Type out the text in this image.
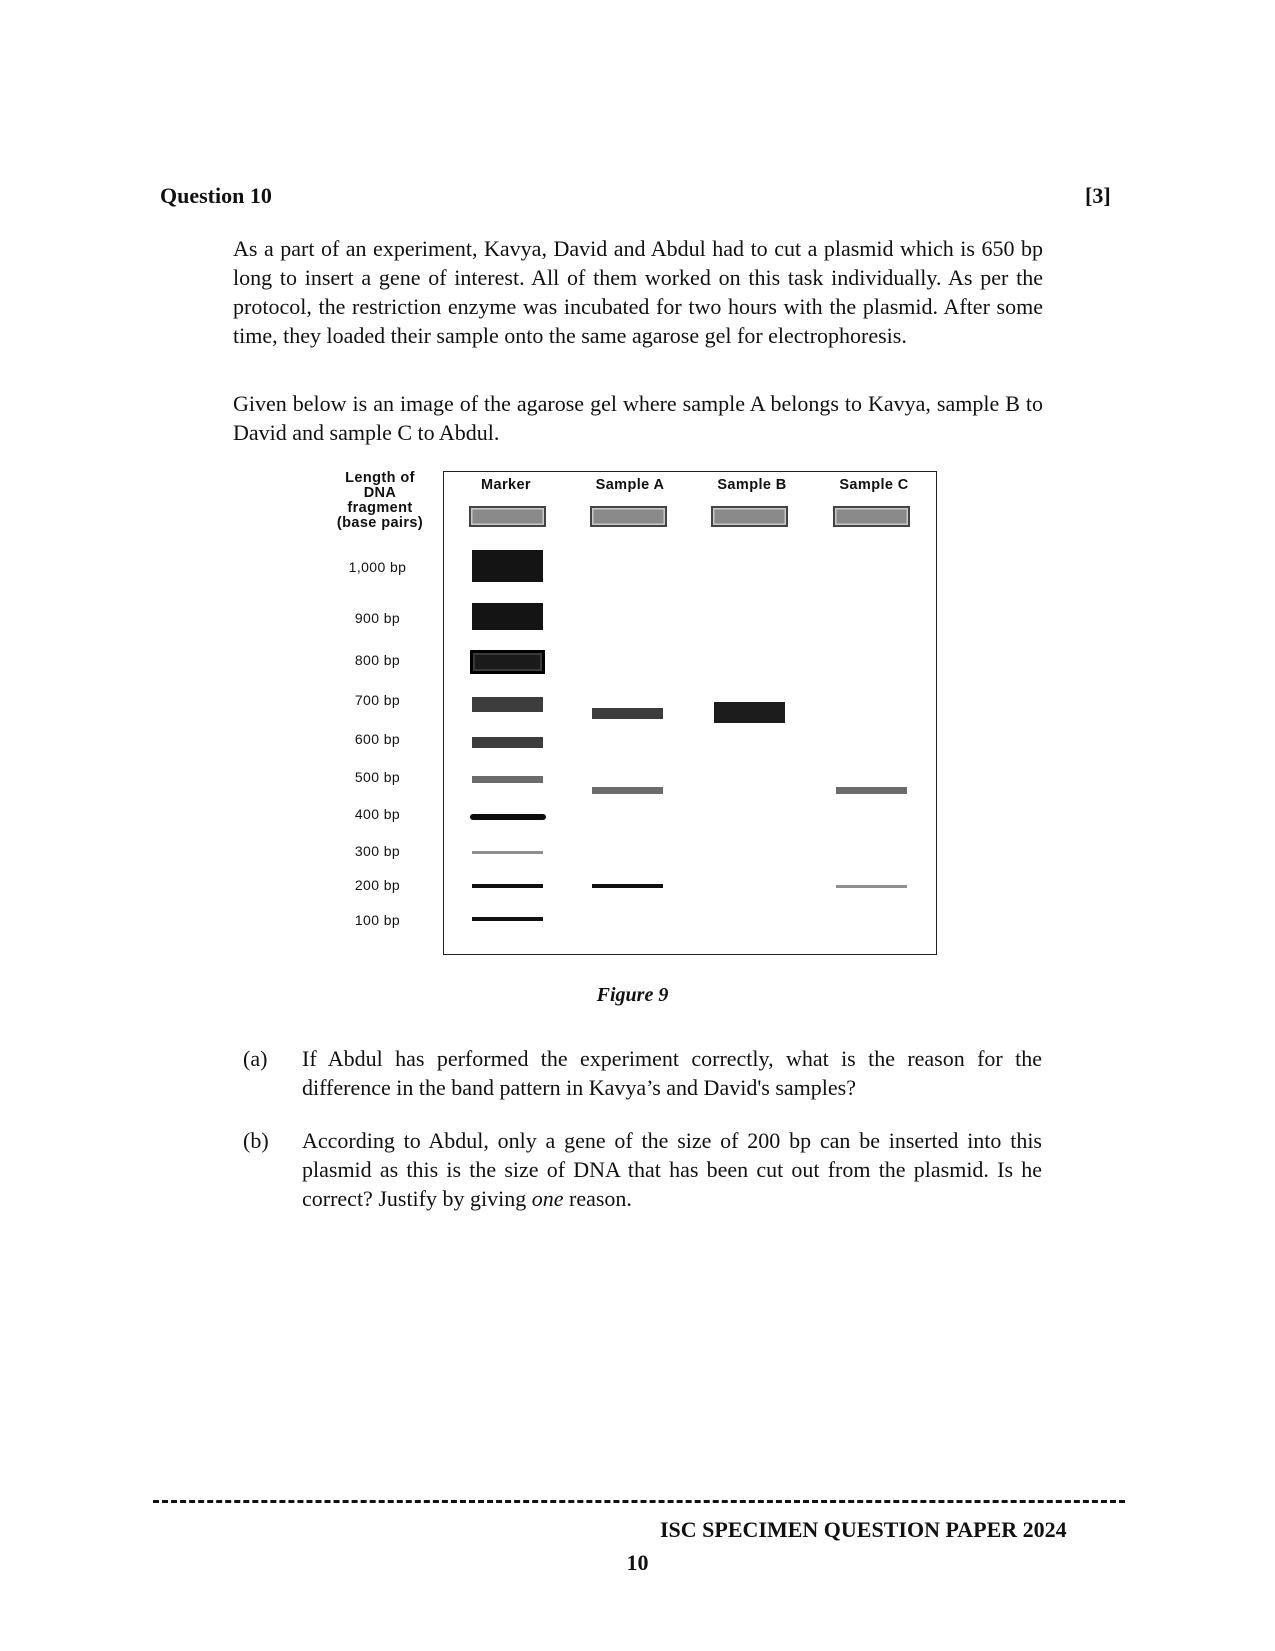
Question 10	[3]

As a part of an experiment, Kavya, David and Abdul had to cut a plasmid which is 650 bp long to insert a gene of interest. All of them worked on this task individually. As per the protocol, the restriction enzyme was incubated for two hours with the plasmid. After some time, they loaded their sample onto the same agarose gel for electrophoresis.

Given below is an image of the agarose gel where sample A belongs to Kavya, sample B to David and sample C to Abdul.

Length of
DNA
fragment
(base pairs)
Marker	Sample A	Sample B	Sample C
1,000 bp
900 bp
800 bp
700 bp
600 bp
500 bp
400 bp
300 bp
200 bp
100 bp
Figure 9
(a) If Abdul has performed the experiment correctly, what is the reason for the difference in the band pattern in Kavya’s and David's samples?

(b) According to Abdul, only a gene of the size of 200 bp can be inserted into this plasmid as this is the size of DNA that has been cut out from the plasmid. Is he correct? Justify by giving one reason.

ISC SPECIMEN QUESTION PAPER 2024
10
